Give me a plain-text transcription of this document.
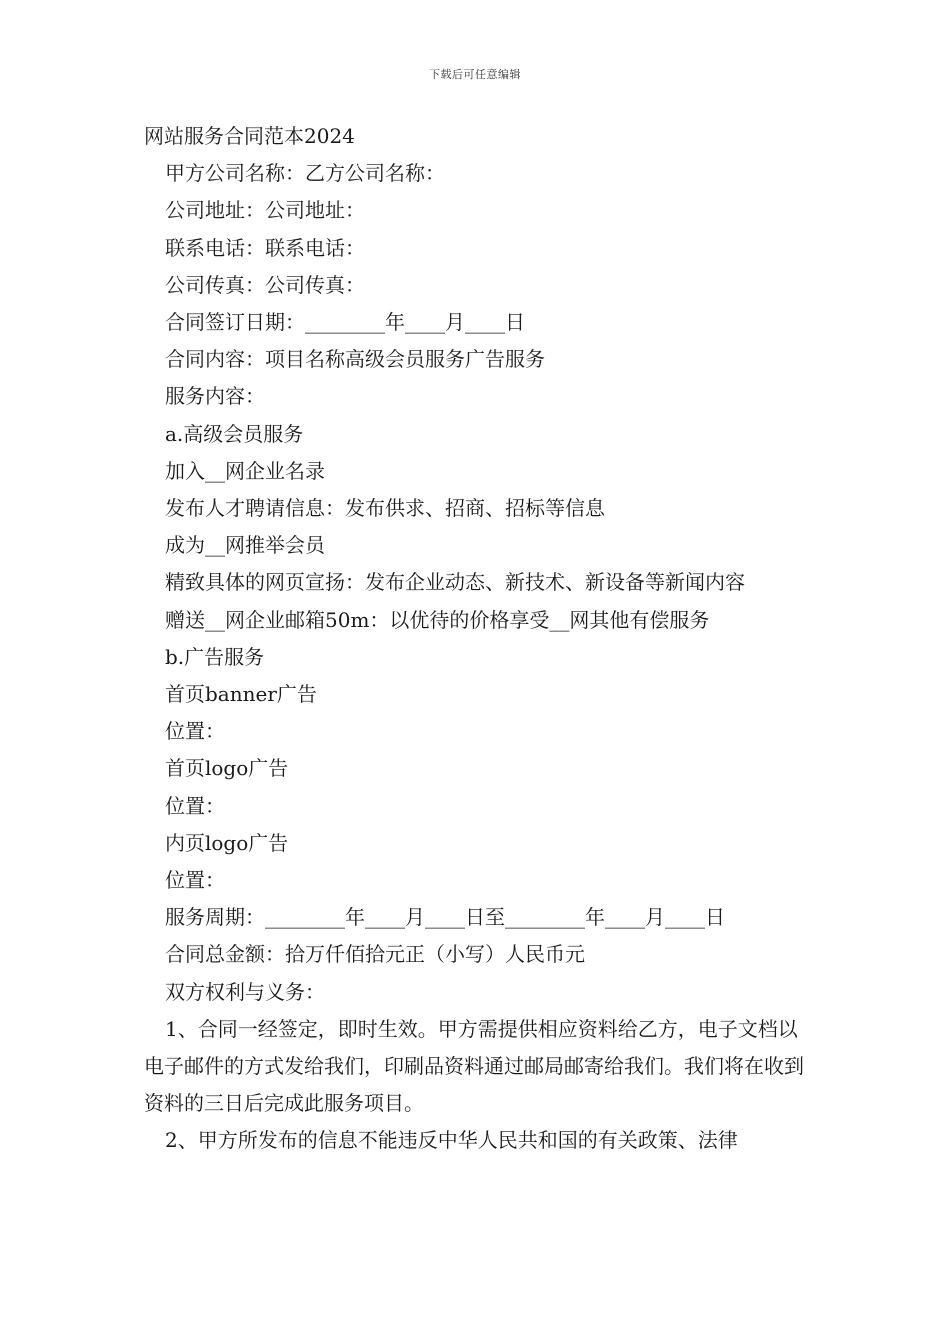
下载后可任意编辑
网站服务合同范本2024
甲方公司名称：乙方公司名称：
公司地址：公司地址：
联系电话：联系电话：
公司传真：公司传真：
合同签订日期：________年____月____日
合同内容：项目名称高级会员服务广告服务
服务内容：
a.高级会员服务
加入__网企业名录
发布人才聘请信息：发布供求、招商、招标等信息
成为__网推举会员
精致具体的网页宣扬：发布企业动态、新技术、新设备等新闻内容
赠送__网企业邮箱50m：以优待的价格享受__网其他有偿服务
b.广告服务
首页banner广告
位置：
首页logo广告
位置：
内页logo广告
位置：
服务周期：________年____月____日至________年____月____日
合同总金额：拾万仟佰拾元正（小写）人民币元
双方权利与义务：
1、合同一经签定，即时生效。甲方需提供相应资料给乙方，电子文档以电子邮件的方式发给我们，印刷品资料通过邮局邮寄给我们。我们将在收到资料的三日后完成此服务项目。
2、甲方所发布的信息不能违反中华人民共和国的有关政策、法律
